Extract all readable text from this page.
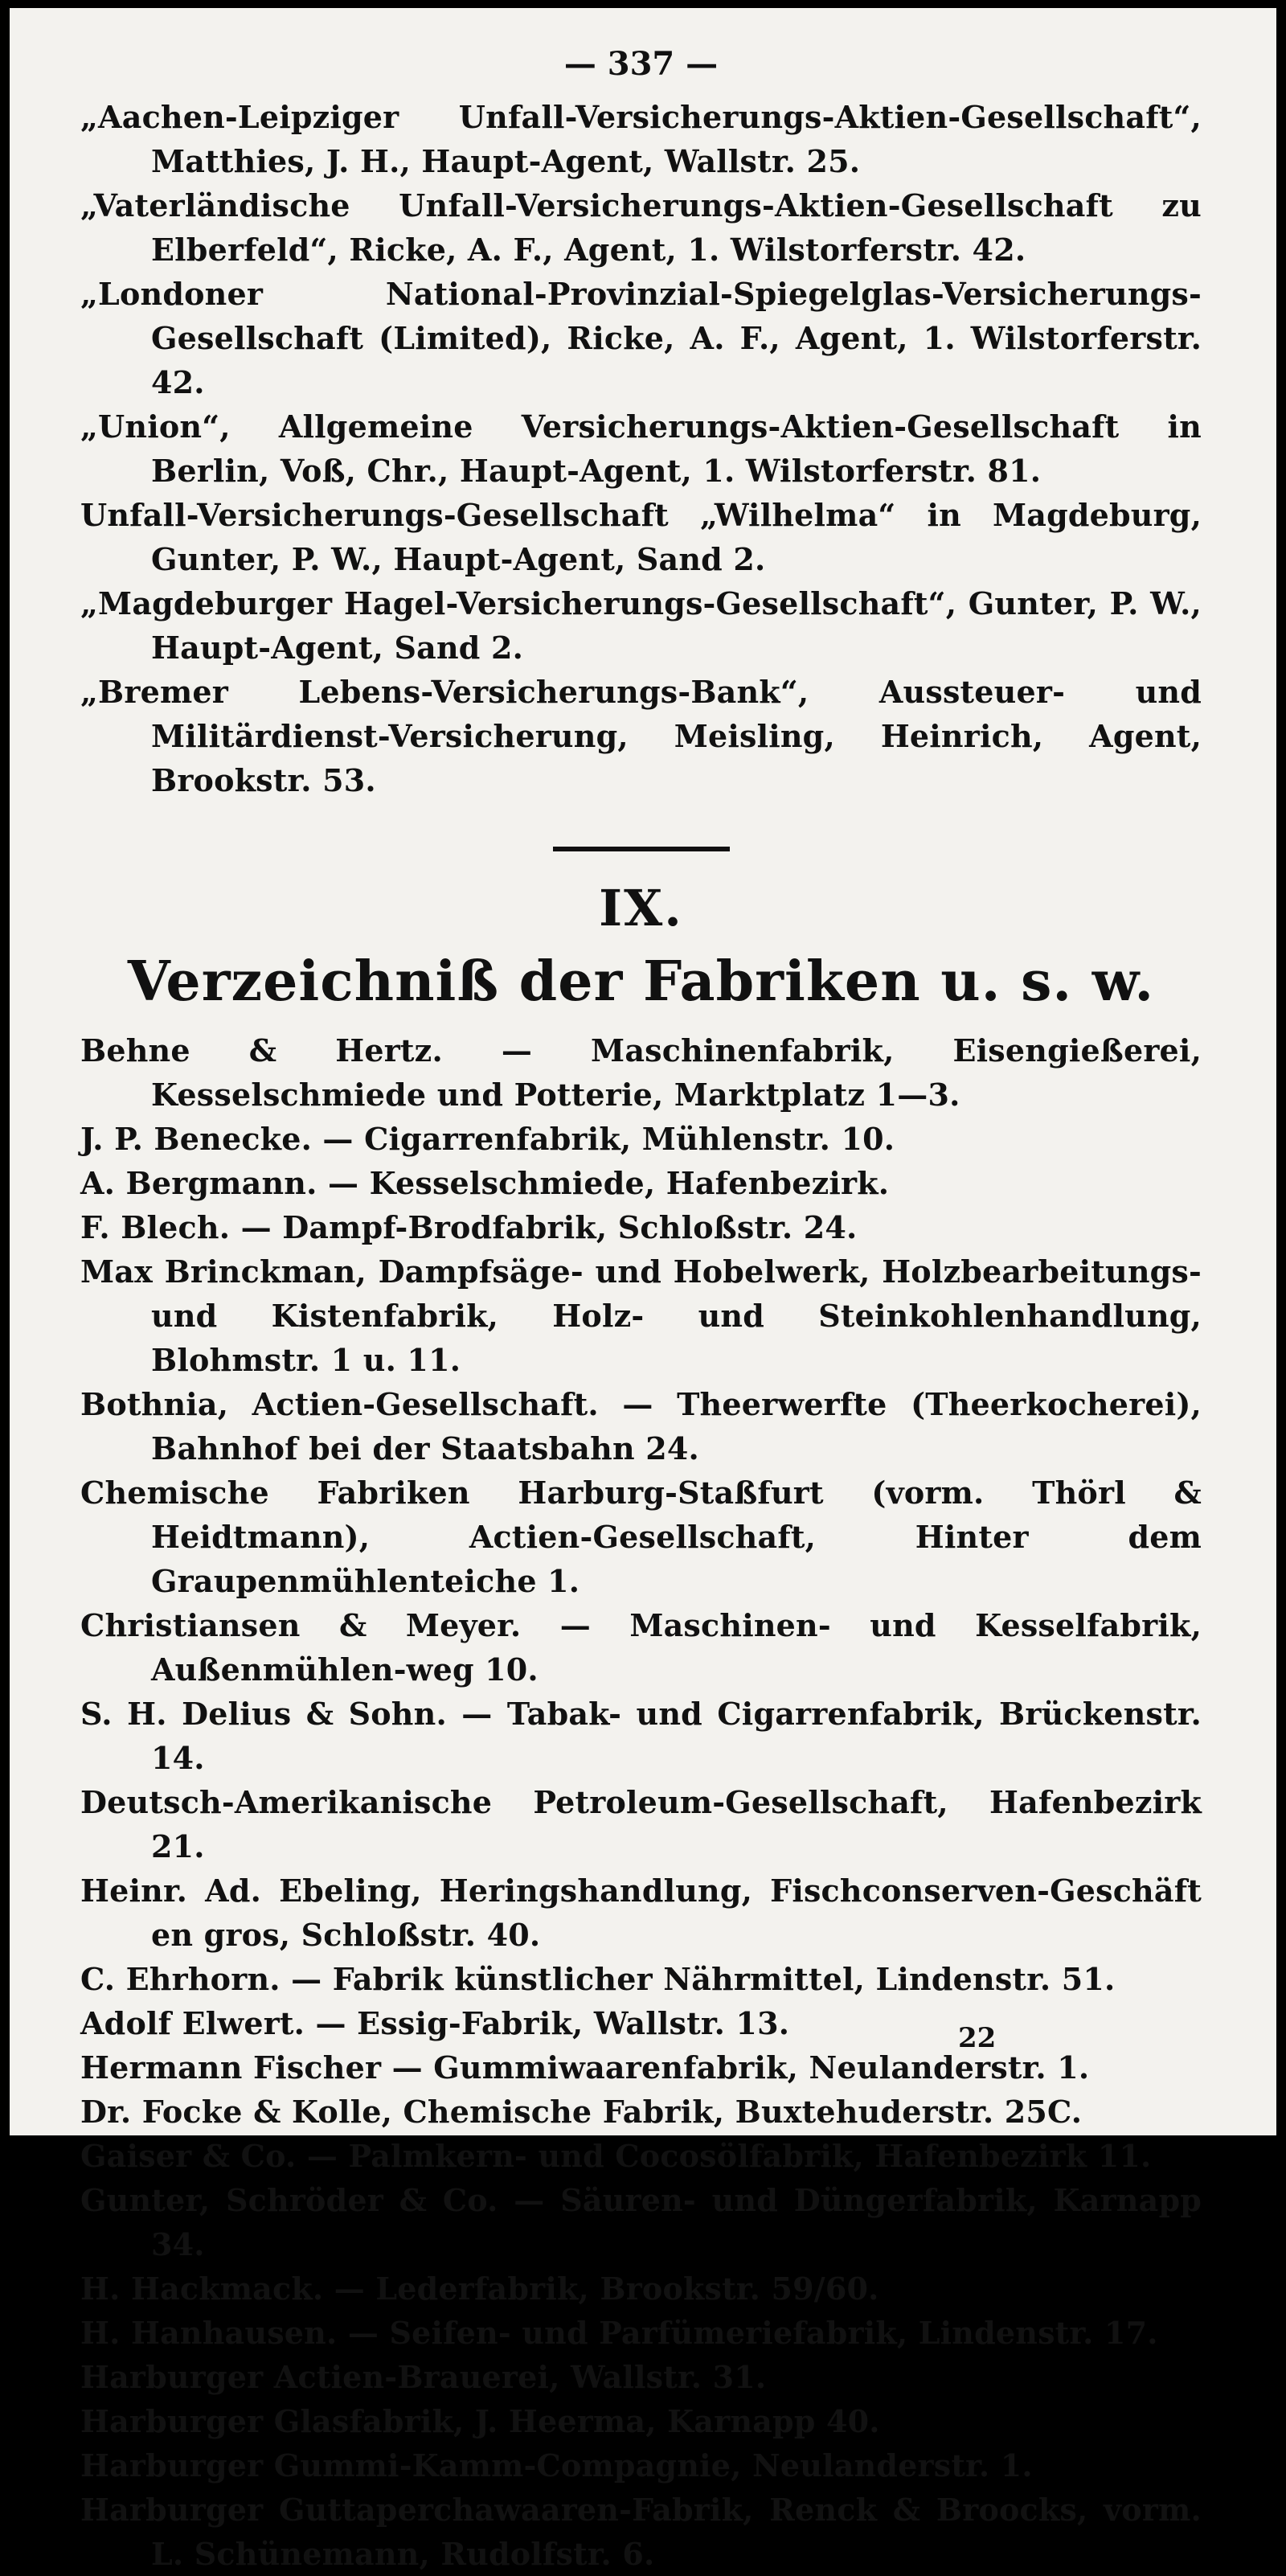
— 337 —
„Aachen-Leipziger Unfall-Versicherungs-Aktien-Gesellschaft“, Matthies, J. H., Haupt-Agent, Wallstr. 25.
„Vaterländische Unfall-Versicherungs-Aktien-Gesellschaft zu Elberfeld“, Ricke, A. F., Agent, 1. Wilstorferstr. 42.
„Londoner National-Provinzial-Spiegelglas-Versicherungs-Gesellschaft (Limited), Ricke, A. F., Agent, 1. Wilstorferstr. 42.
„Union“, Allgemeine Versicherungs-Aktien-Gesellschaft in Berlin, Voß, Chr., Haupt-Agent, 1. Wilstorferstr. 81.
Unfall-Versicherungs-Gesellschaft „Wilhelma“ in Magdeburg, Gunter, P. W., Haupt-Agent, Sand 2.
„Magdeburger Hagel-Versicherungs-Gesellschaft“, Gunter, P. W., Haupt-Agent, Sand 2.
„Bremer Lebens-Versicherungs-Bank“, Aussteuer- und Militärdienst-Versicherung, Meisling, Heinrich, Agent, Brookstr. 53.
IX.
Verzeichniß der Fabriken u. s. w.
Behne & Hertz. — Maschinenfabrik, Eisengießerei, Kesselschmiede und Potterie, Marktplatz 1—3.
J. P. Benecke. — Cigarrenfabrik, Mühlenstr. 10.
A. Bergmann. — Kesselschmiede, Hafenbezirk.
F. Blech. — Dampf-Brodfabrik, Schloßstr. 24.
Max Brinckman, Dampfsäge- und Hobelwerk, Holzbearbeitungs- und Kistenfabrik, Holz- und Steinkohlenhandlung, Blohmstr. 1 u. 11.
Bothnia, Actien-Gesellschaft. — Theerwerfte (Theerkocherei), Bahnhof bei der Staatsbahn 24.
Chemische Fabriken Harburg-Staßfurt (vorm. Thörl & Heidtmann), Actien-Gesellschaft, Hinter dem Graupenmühlenteiche 1.
Christiansen & Meyer. — Maschinen- und Kesselfabrik, Außenmühlen-weg 10.
S. H. Delius & Sohn. — Tabak- und Cigarrenfabrik, Brückenstr. 14.
Deutsch-Amerikanische Petroleum-Gesellschaft, Hafenbezirk 21.
Heinr. Ad. Ebeling, Heringshandlung, Fischconserven-Geschäft en gros, Schloßstr. 40.
C. Ehrhorn. — Fabrik künstlicher Nährmittel, Lindenstr. 51.
Adolf Elwert. — Essig-Fabrik, Wallstr. 13.
Hermann Fischer — Gummiwaarenfabrik, Neulanderstr. 1.
Dr. Focke & Kolle, Chemische Fabrik, Buxtehuderstr. 25C.
Gaiser & Co. — Palmkern- und Cocosölfabrik, Hafenbezirk 11.
Gunter, Schröder & Co. — Säuren- und Düngerfabrik, Karnapp 34.
H. Hackmack. — Lederfabrik, Brookstr. 59/60.
H. Hanhausen. — Seifen- und Parfümeriefabrik, Lindenstr. 17.
Harburger Actien-Brauerei, Wallstr. 31.
Harburger Glasfabrik, J. Heerma, Karnapp 40.
Harburger Gummi-Kamm-Compagnie, Neulanderstr. 1.
Harburger Guttaperchawaaren-Fabrik, Renck & Broocks, vorm. L. Schünemann, Rudolfstr. 6.
22
